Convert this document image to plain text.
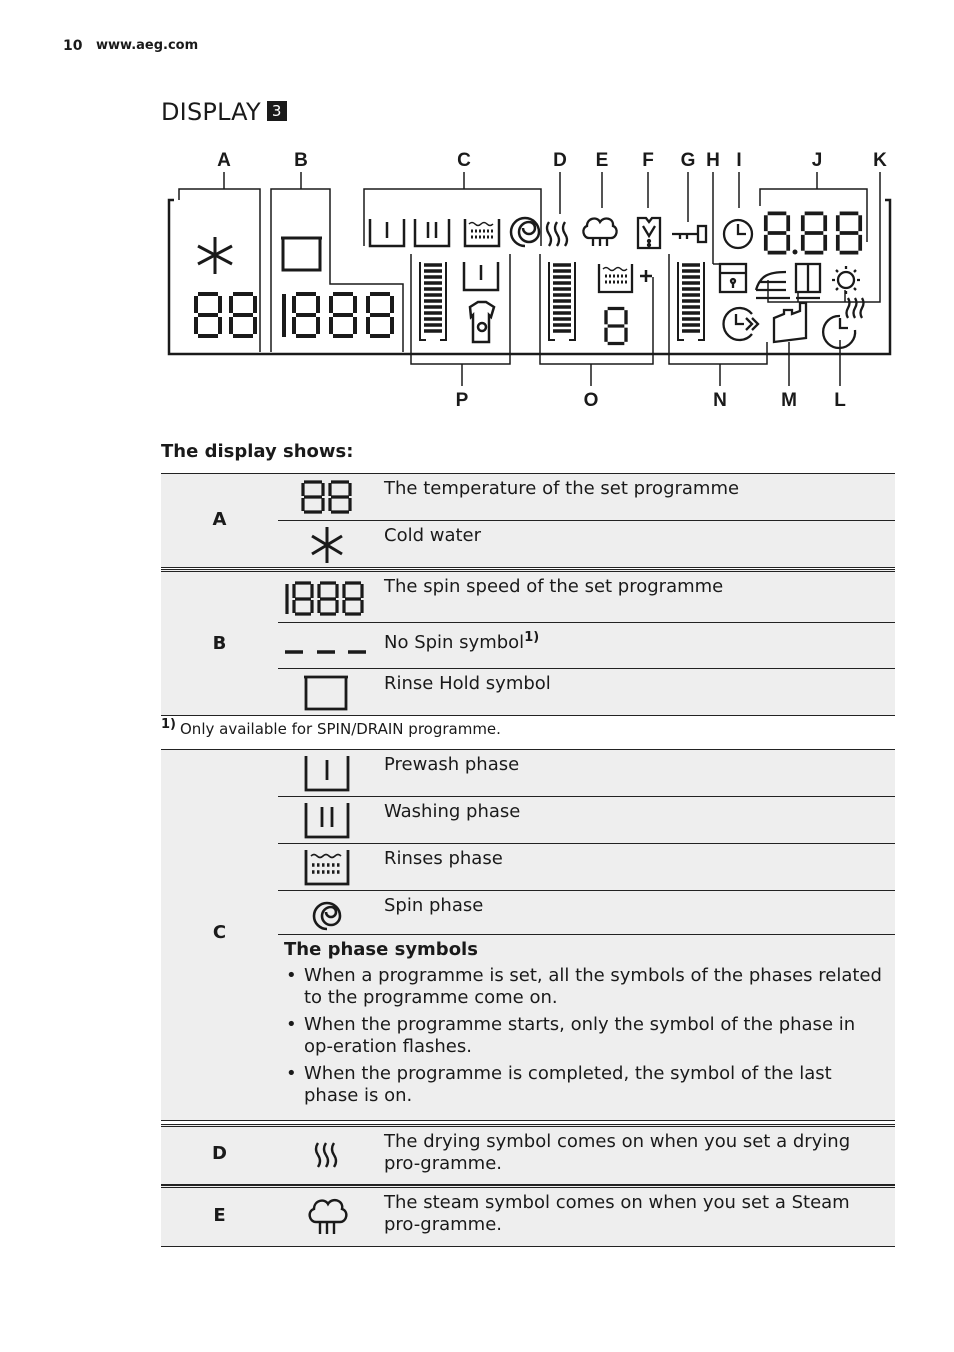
10 www.aeg.com
DISPLAY 3
A	B	C	D E F G H I	J	K
P	O	N	M L
The display shows:
A
The temperature of the set programme
Cold water
B
The spin speed of the set programme
No Spin symbol$^{1)}$
Rinse Hold symbol
$^{1)}$ Only available for SPIN/DRAIN programme.
C
Prewash phase
Washing phase
Rinses phase
Spin phase
The phase symbols
• When a programme is set, all the symbols of the phases related to the programme come on.
• When the programme starts, only the symbol of the phase in op-eration flashes.
• When the programme is completed, the symbol of the last phase is on.
D
The drying symbol comes on when you set a drying pro-gramme.
E
The steam symbol comes on when you set a Steam pro-gramme.
